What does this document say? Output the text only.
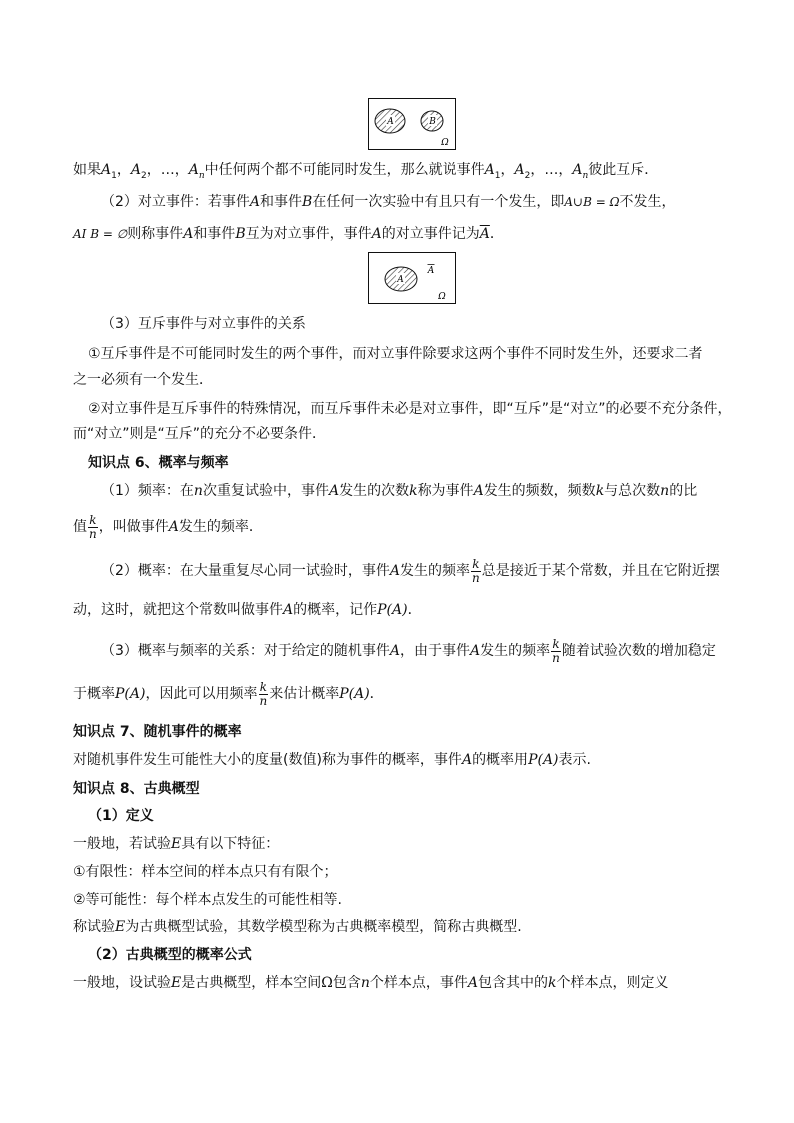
A	B
Ω
如果$A_1$，$A_2$，…，$A_n$中任何两个都不可能同时发生，那么就说事件$A_1$，$A_2$，…，$A_n$彼此互斥．
（2）对立事件：若事件A和事件B在任何一次实验中有且只有一个发生，即A∪B = Ω不发生，
AI B = ∅则称事件A和事件B互为对立事件，事件A的对立事件记为$\overline{A}$．
A
A
Ω
（3）互斥事件与对立事件的关系
①互斥事件是不可能同时发生的两个事件，而对立事件除要求这两个事件不同时发生外，还要求二者
之一必须有一个发生．
②对立事件是互斥事件的特殊情况，而互斥事件未必是对立事件，即“互斥”是“对立”的必要不充分条件，
而“对立”则是“互斥”的充分不必要条件．
知识点 6、概率与频率
（1）频率：在n次重复试验中，事件A发生的次数k称为事件A发生的频数，频数k与总次数n的比
值 $\frac{k}{n}$ ，叫做事件A发生的频率．
（2）概率：在大量重复尽心同一试验时，事件A发生的频率 $\frac{k}{n}$ 总是接近于某个常数，并且在它附近摆
动，这时，就把这个常数叫做事件A的概率，记作P(A)．
（3）概率与频率的关系：对于给定的随机事件A，由于事件A发生的频率 $\frac{k}{n}$ 随着试验次数的增加稳定
于概率P(A)，因此可以用频率 $\frac{k}{n}$ 来估计概率P(A)．
知识点 7、随机事件的概率
对随机事件发生可能性大小的度量(数值)称为事件的概率，事件A的概率用P(A)表示.
知识点 8、古典概型
（1）定义
一般地，若试验E具有以下特征：
①有限性：样本空间的样本点只有有限个；
②等可能性：每个样本点发生的可能性相等.
称试验E为古典概型试验，其数学模型称为古典概率模型，简称古典概型.
（2）古典概型的概率公式
一般地，设试验E是古典概型，样本空间Ω包含n个样本点，事件A包含其中的k个样本点，则定义
